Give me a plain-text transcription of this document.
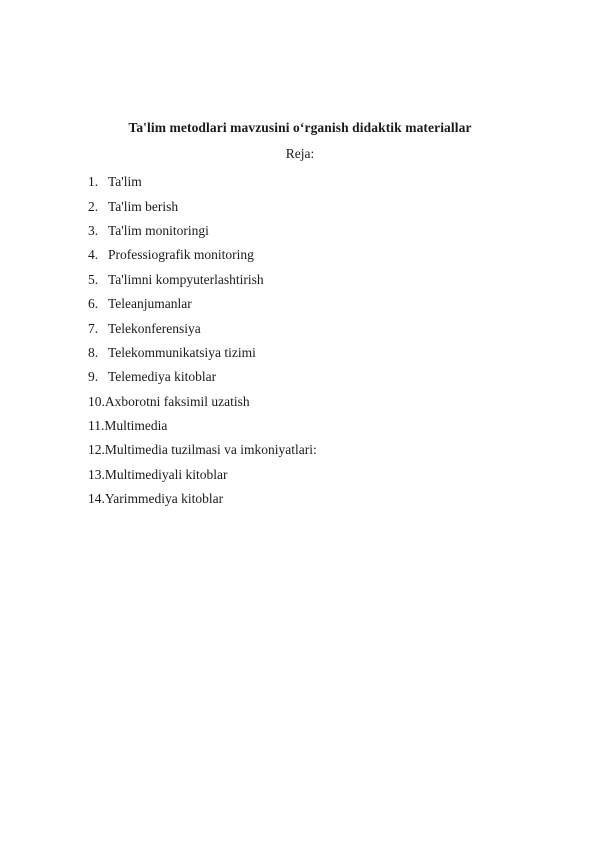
Ta'lim metodlari mavzusini o‘rganish didaktik materiallar
Reja:
1. Ta'lim
2. Ta'lim berish
3. Ta'lim monitoringi
4. Professiografik monitoring
5. Ta'limni kompyuterlashtirish
6. Teleanjumanlar
7. Telekonferensiya
8. Telekommunikatsiya tizimi
9. Telemediya kitoblar
10. Axborotni faksimil uzatish
11. Multimedia
12. Multimedia tuzilmasi va imkoniyatlari:
13. Multimediyali kitoblar
14. Yarimmediya kitoblar
